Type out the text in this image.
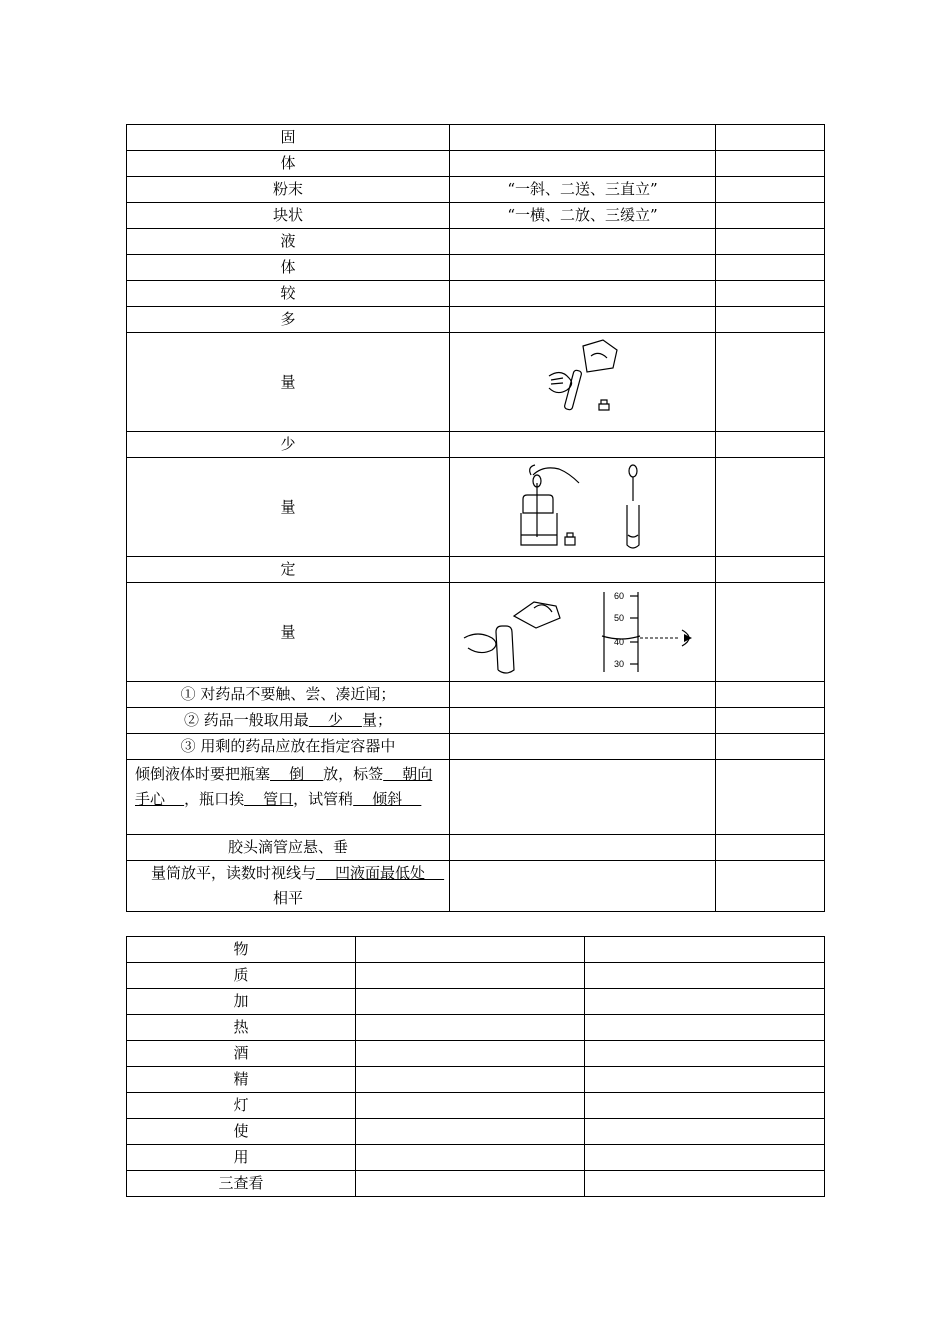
固		
体		
粉末	“一斜、二送、三直立”	
块状	“一横、二放、三缓立”	
液		
体		
较		
多		
量	

少		
量	

定		
量	60
50
40
30	

① 对药品不要触、尝、凑近闻；		
② 药品一般取用最    少    量；		
③ 用剩的药品应放在指定容器中		
倾倒液体时要把瓶塞    倒    放，标签    朝向手心    ，瓶口挨    管口，试管稍    倾斜		
胶头滴管应悬、垂		
量筒放平，读数时视线与    凹液面最低处    相平		
物		
质		
加		
热		
酒		
精		
灯		
使		
用		
三查看		
